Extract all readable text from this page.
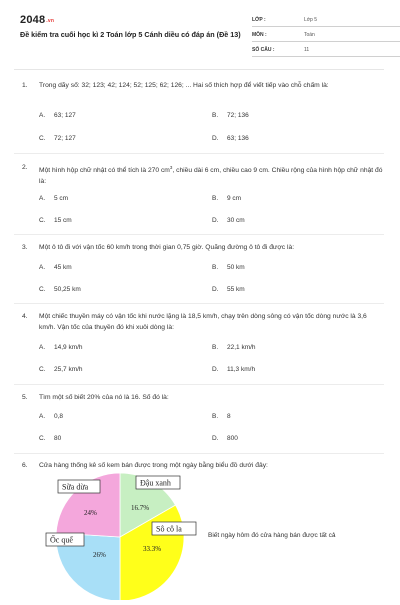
2048.vn
Đề kiểm tra cuối học kì 2 Toán lớp 5 Cánh diều có đáp án (Đề 13)
LỚP :	Lớp 5
MÔN :	Toán
SỐ CÂU :	11
1. Trong dãy số: 32; 123; 42; 124; 52; 125; 62; 126; ... Hai số thích hợp để viết tiếp vào chỗ chấm là:
A. 63; 127	B. 72; 136
C. 72; 127	D. 63; 136
2. Một hình hộp chữ nhật có thể tích là 270 $cm^3$, chiều dài 6 cm, chiều cao 9 cm. Chiều rộng của hình hộp chữ nhật đó là:
A. 5 cm	B. 9 cm
C. 15 cm	D. 30 cm
3. Một ô tô đi với vận tốc 60 km/h trong thời gian 0,75 giờ. Quãng đường ô tô đi được là:
A. 45 km	B. 50 km
C. 50,25 km	D. 55 km
4. Một chiếc thuyền máy có vận tốc khi nước lặng là 18,5 km/h, chạy trên dòng sông có vận tốc dòng nước là 3,6 km/h. Vận tốc của thuyền đó khi xuôi dòng là:
A. 14,9 km/h	B. 22,1 km/h
C. 25,7 km/h	D. 11,3 km/h
5. Tìm một số biết 20% của nó là 16. Số đó là:
A. 0,8	B. 8
C. 80	D. 800
6. Cửa hàng thống kê số kem bán được trong một ngày bằng biểu đồ dưới đây:
16.7%
Đậu xanh
33.3%
Sô cô la
26%
Ốc quế
24%
Sữa dừa
Biết ngày hôm đó cửa hàng bán được tất cả
